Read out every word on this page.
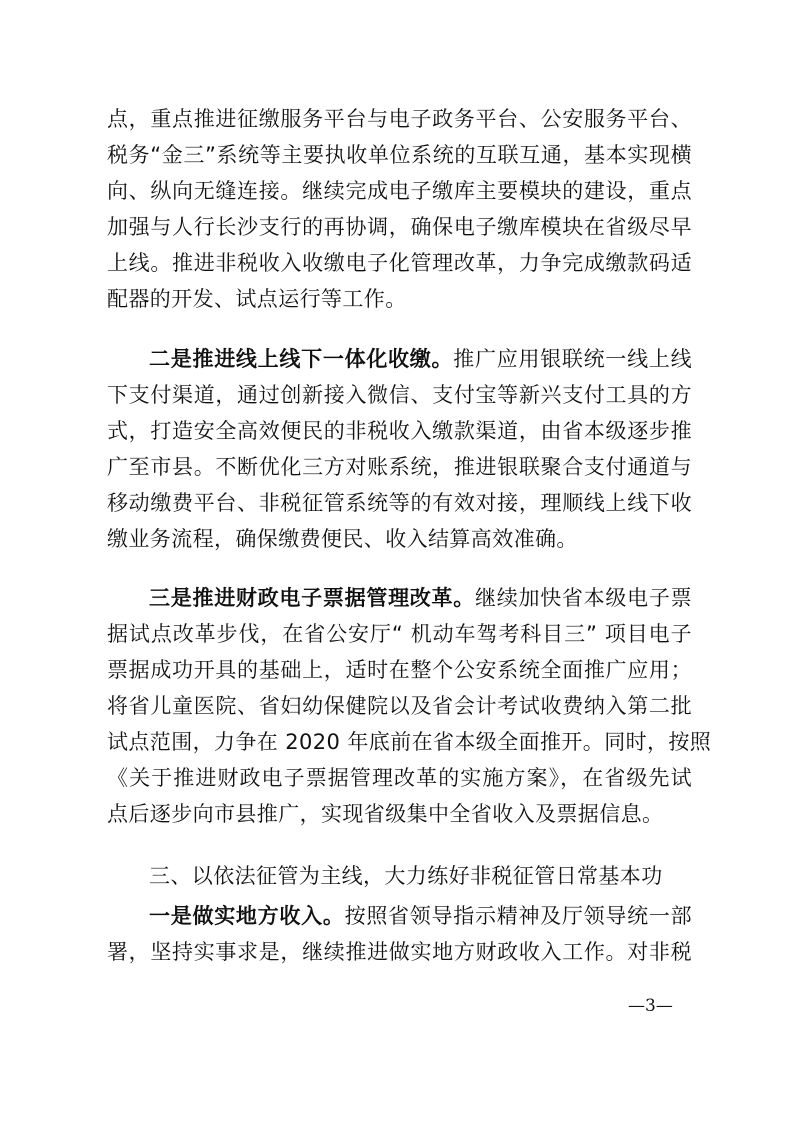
点，重点推进征缴服务平台与电子政务平台、公安服务平台、
税务“金三”系统等主要执收单位系统的互联互通，基本实现横
向、纵向无缝连接。继续完成电子缴库主要模块的建设，重点
加强与人行长沙支行的再协调，确保电子缴库模块在省级尽早
上线。推进非税收入收缴电子化管理改革，力争完成缴款码适
配器的开发、试点运行等工作。
二是推进线上线下一体化收缴。推广应用银联统一线上线
下支付渠道，通过创新接入微信、支付宝等新兴支付工具的方
式，打造安全高效便民的非税收入缴款渠道，由省本级逐步推
广至市县。不断优化三方对账系统，推进银联聚合支付通道与
移动缴费平台、非税征管系统等的有效对接，理顺线上线下收
缴业务流程，确保缴费便民、收入结算高效准确。
三是推进财政电子票据管理改革。继续加快省本级电子票
据试点改革步伐，在省公安厅“ 机动车驾考科目三” 项目电子
票据成功开具的基础上，适时在整个公安系统全面推广应用；
将省儿童医院、省妇幼保健院以及省会计考试收费纳入第二批
试点范围，力争在 2020 年底前在省本级全面推开。同时，按照
《关于推进财政电子票据管理改革的实施方案》，在省级先试
点后逐步向市县推广，实现省级集中全省收入及票据信息。
三、以依法征管为主线，大力练好非税征管日常基本功
一是做实地方收入。按照省领导指示精神及厅领导统一部
署，坚持实事求是，继续推进做实地方财政收入工作。对非税
—3—
